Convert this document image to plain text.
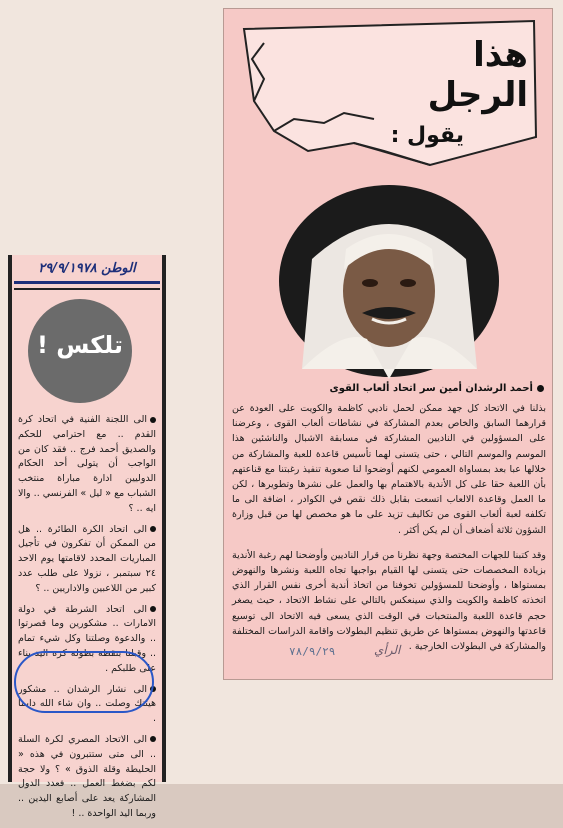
هذا
الرجل
يقول :
أحمد الرشدان أمين سر اتحاد ألعاب القوى

بذلنا في الاتحاد كل جهد ممكن لحمل ناديي كاظمة والكويت على العودة عن قرارهما السابق والخاص بعدم المشاركة في نشاطات ألعاب القوى ، وعرضنا على المسؤولين في الناديين المشاركة في مسابقة الاشبال والناشئين هذا الموسم والموسم التالي ، حتى يتسنى لهما تأسيس قاعدة للعبة والمشاركة من خلالها عبا بعد بمساواة العمومي لكنهم أوضحوا لنا صعوبة تنفيذ رغبتنا مع قناعتهم بأن اللعبة حقا على كل الأندية بالاهتمام بها والعمل على نشرها وتطويرها ، لكن ما العمل وقاعدة الالعاب اتسعت بقابل ذلك نقص في الكوادر ، اضافة الى ما تكلفه لعبة ألعاب القوى من تكاليف تزيد على ما هو مخصص لها من قبل وزارة الشؤون ثلاثة أضعاف أن لم يكن أكثر .

وقد كتبنا للجهات المختصة وجهة نظرنا من قرار الناديين وأوضحنا لهم رغبة الأندية بزيادة المخصصات حتى يتسنى لها القيام بواجبها تجاه اللعبة ونشرها والنهوض بمستواها ، وأوضحنا للمسؤولين تخوفنا من اتخاذ أندية أخرى نفس القرار الذي اتخذته كاظمة والكويت والذي سينعكس بالتالي على نشاط الاتحاد ، حيث يصغر حجم قاعدة اللعبة والمنتخبات في الوقت الذي يسعى فيه الاتحاد الى توسيع قاعدتها والنهوض بمستواها عن طريق تنظيم البطولات واقامة الدراسات المختلفة والمشاركة في البطولات الخارجية .

٧٨/٩/٢٩	الرأي
الوطن ٢٩/٩/١٩٧٨
تلكس !

الى اللجنة الفنية في اتحاد كرة القدم .. مع احترامي للحكم والصديق أحمد فرج .. فقد كان من الواجب أن يتولى أحد الحكام الدوليين ادارة مباراة منتخب الشباب مع « ليل » الفرنسي .. والا ايه .. ؟

الى اتحاد الكرة الطائرة .. هل من الممكن أن تفكرون في تأجيل المباريات المحدد لاقامتها يوم الاحد ٢٤ سبتمبر ، نزولا على طلب عدد كبير من اللاعبين والاداريين .. ؟

الى اتحاد الشرطة في دولة الامارات .. مشكورين وما قصرتوا .. والدعوة وصلتنا وكل شيء تمام .. وقبلنا بنقطة بطولة كرة اليد بناء على طلبكم .

الى نشار الرشدان .. مشكور هيئتك وصلت .. وان شاء الله دايما .

الى الاتحاد المصري لكرة السلة .. الى متى ستتبرون في هذه « الحليطة وقلة الذوق » ؟ ولا حجة لكم بضغط العمل .. فعدد الدول المشاركة يعد على أصابع اليدين .. وربما اليد الواحدة .. !
